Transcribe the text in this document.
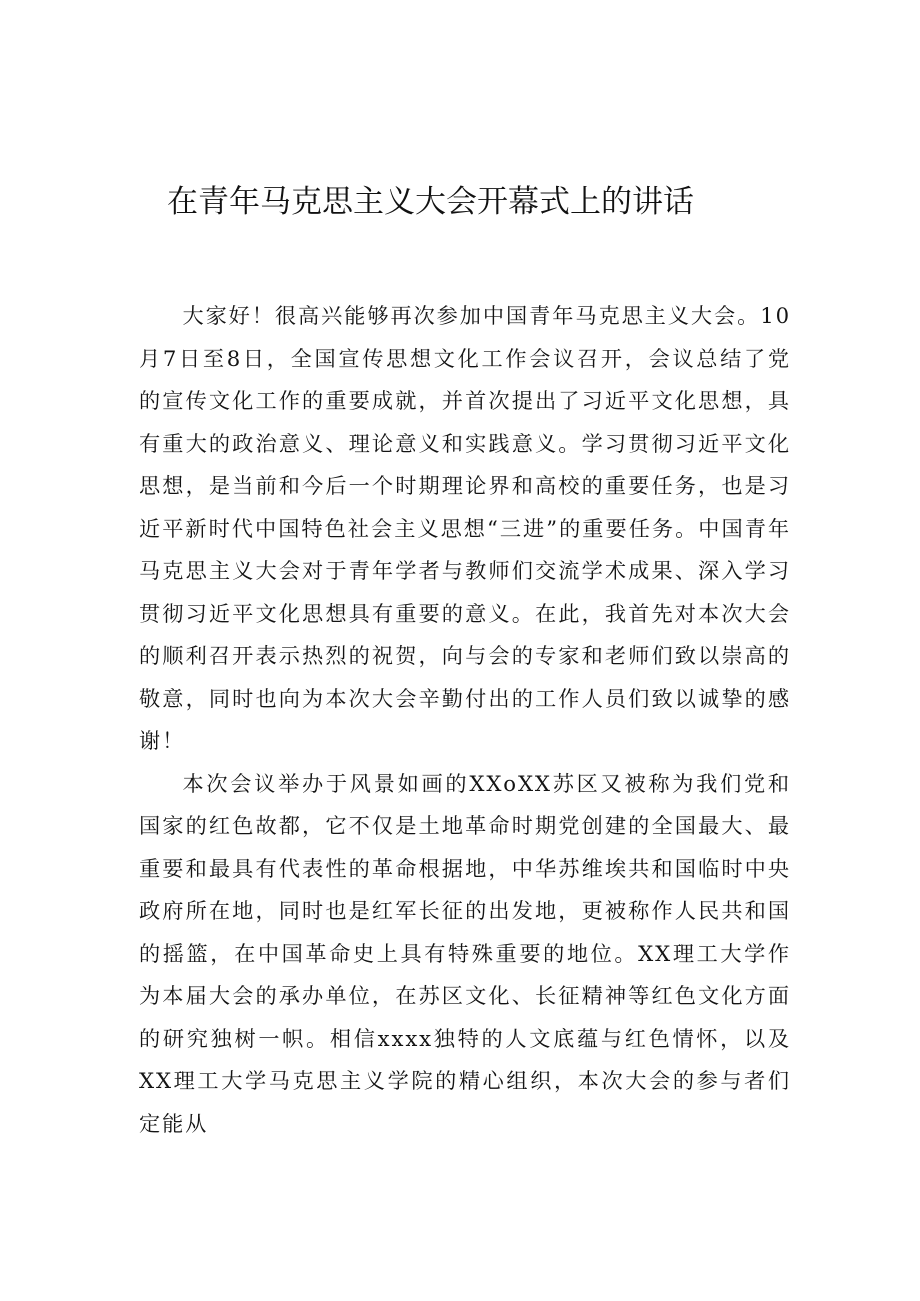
在青年马克思主义大会开幕式上的讲话

大家好！很高兴能够再次参加中国青年马克思主义大会。10月7日至8日，全国宣传思想文化工作会议召开，会议总结了党的宣传文化工作的重要成就，并首次提出了习近平文化思想，具有重大的政治意义、理论意义和实践意义。学习贯彻习近平文化思想，是当前和今后一个时期理论界和高校的重要任务，也是习近平新时代中国特色社会主义思想“三进”的重要任务。中国青年马克思主义大会对于青年学者与教师们交流学术成果、深入学习贯彻习近平文化思想具有重要的意义。在此，我首先对本次大会的顺利召开表示热烈的祝贺，向与会的专家和老师们致以崇高的敬意，同时也向为本次大会辛勤付出的工作人员们致以诚挚的感谢！

本次会议举办于风景如画的XXoXX苏区又被称为我们党和国家的红色故都，它不仅是土地革命时期党创建的全国最大、最重要和最具有代表性的革命根据地，中华苏维埃共和国临时中央政府所在地，同时也是红军长征的出发地，更被称作人民共和国的摇篮，在中国革命史上具有特殊重要的地位。XX理工大学作为本届大会的承办单位，在苏区文化、长征精神等红色文化方面的研究独树一帜。相信xxxx独特的人文底蕴与红色情怀，以及XX理工大学马克思主义学院的精心组织，本次大会的参与者们定能从
